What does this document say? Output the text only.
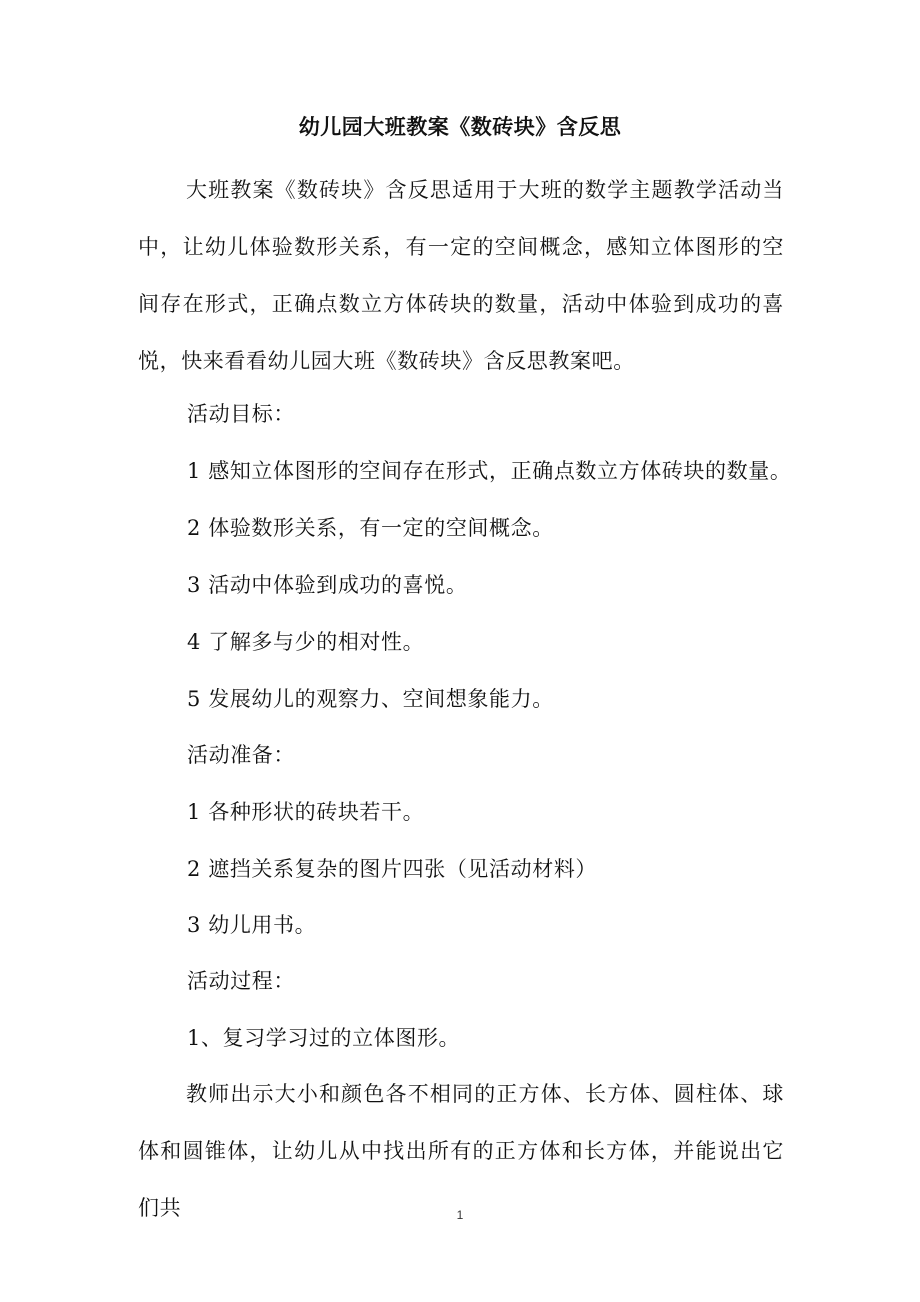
幼儿园大班教案《数砖块》含反思
大班教案《数砖块》含反思适用于大班的数学主题教学活动当中，让幼儿体验数形关系，有一定的空间概念，感知立体图形的空间存在形式，正确点数立方体砖块的数量，活动中体验到成功的喜悦，快来看看幼儿园大班《数砖块》含反思教案吧。
活动目标：
1 感知立体图形的空间存在形式，正确点数立方体砖块的数量。
2 体验数形关系，有一定的空间概念。
3 活动中体验到成功的喜悦。
4 了解多与少的相对性。
5 发展幼儿的观察力、空间想象能力。
活动准备：
1 各种形状的砖块若干。
2 遮挡关系复杂的图片四张（见活动材料）
3 幼儿用书。
活动过程：
1、复习学习过的立体图形。
教师出示大小和颜色各不相同的正方体、长方体、圆柱体、球体和圆锥体，让幼儿从中找出所有的正方体和长方体，并能说出它们共	1
